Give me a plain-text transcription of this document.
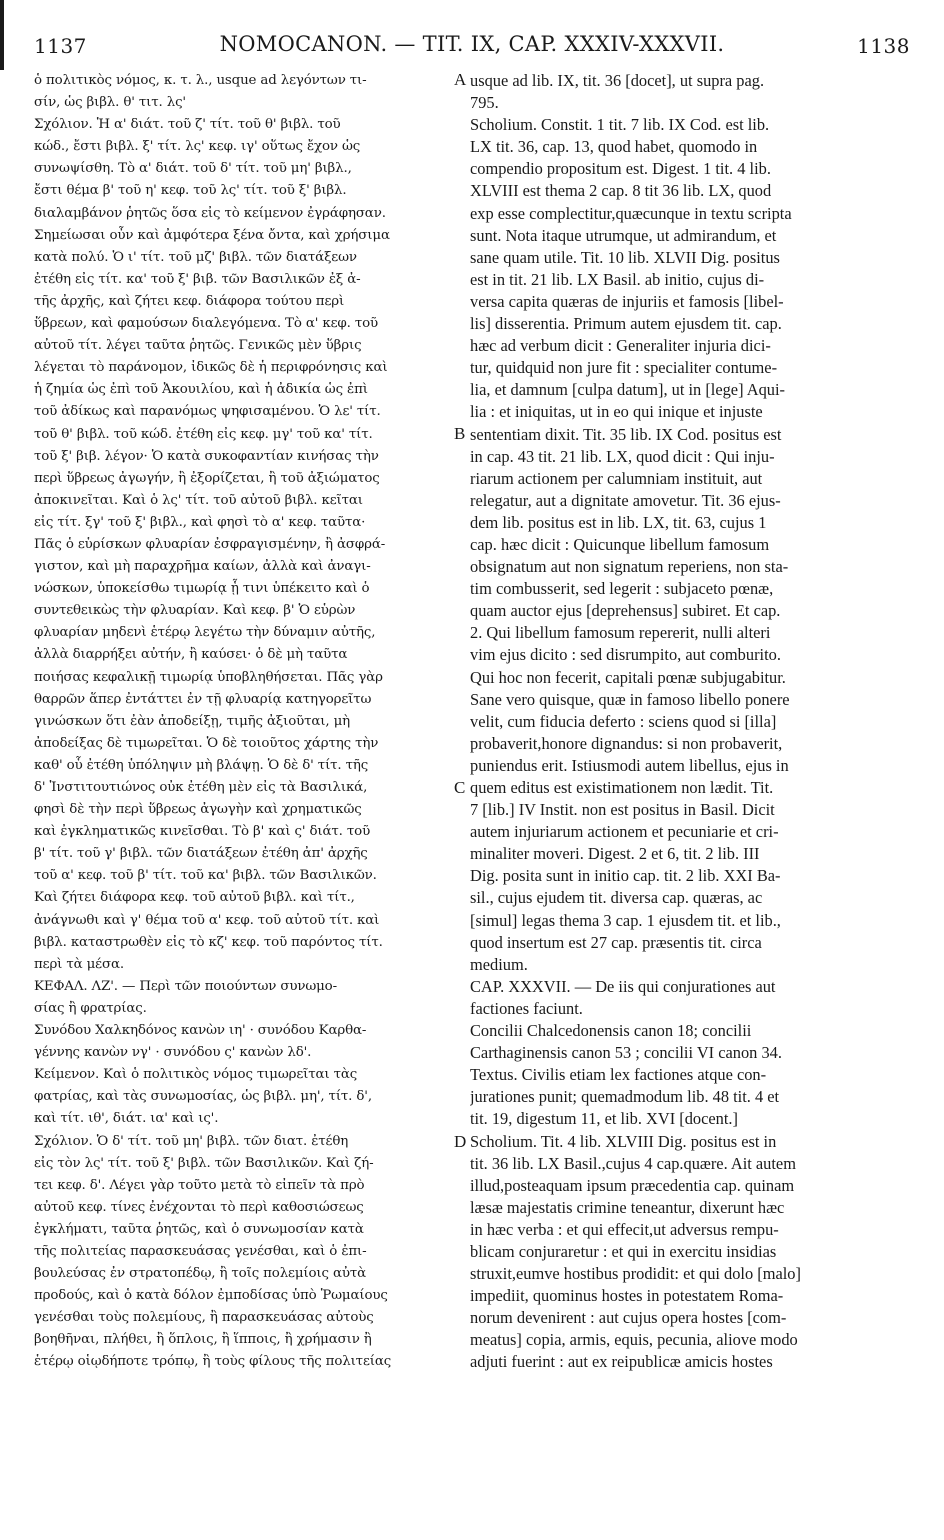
1137	NOMOCANON. — TIT. IX, CAP. XXXIV-XXXVII.	1138
ὁ πολιτικὸς νόμος, κ. τ. λ., usque ad λεγόντων τι-
σίν, ὡς βιβλ. θ' τιτ. λς'
Σχόλιον. Ἡ α' διάτ. τοῦ ζ' τίτ. τοῦ θ' βιβλ. τοῦ
κώδ., ἔστι βιβλ. ξ' τίτ. λς' κεφ. ιγ' οὕτως ἔχον ὡς
συνωψίσθη. Τὸ α' διάτ. τοῦ δ' τίτ. τοῦ μη' βιβλ.,
ἔστι θέμα β' τοῦ η' κεφ. τοῦ λς' τίτ. τοῦ ξ' βιβλ.
διαλαμβάνον ῥητῶς ὅσα εἰς τὸ κείμενον ἐγράφησαν.
Σημείωσαι οὖν καὶ ἀμφότερα ξένα ὄντα, καὶ χρήσιμα
κατὰ πολύ. Ὁ ι' τίτ. τοῦ μζ' βιβλ. τῶν διατάξεων
ἐτέθη εἰς τίτ. κα' τοῦ ξ' βιβ. τῶν Βασιλικῶν ἐξ ἀ-
τῆς ἀρχῆς, καὶ ζήτει κεφ. διάφορα τούτου περὶ
ὕβρεων, καὶ φαμούσων διαλεγόμενα. Τὸ α' κεφ. τοῦ
αὐτοῦ τίτ. λέγει ταῦτα ῥητῶς. Γενικῶς μὲν ὕβρις
λέγεται τὸ παράνομον, ἰδικῶς δὲ ἡ περιφρόνησις καὶ
ἡ ζημία ὡς ἐπὶ τοῦ Ἀκουιλίου, καὶ ἡ ἀδικία ὡς ἐπὶ
τοῦ ἀδίκως καὶ παρανόμως ψηφισαμένου. Ὁ λε' τίτ.
τοῦ θ' βιβλ. τοῦ κώδ. ἐτέθη εἰς κεφ. μγ' τοῦ κα' τίτ.
τοῦ ξ' βιβ. λέγον· Ὁ κατὰ συκοφαντίαν κινήσας τὴν
περὶ ὕβρεως ἀγωγήν, ἢ ἐξορίζεται, ἢ τοῦ ἀξιώματος
ἀποκινεῖται. Καὶ ὁ λς' τίτ. τοῦ αὐτοῦ βιβλ. κεῖται
εἰς τίτ. ξγ' τοῦ ξ' βιβλ., καὶ φησὶ τὸ α' κεφ. ταῦτα·
Πᾶς ὁ εὑρίσκων φλυαρίαν ἐσφραγισμένην, ἢ ἀσφρά-
γιστον, καὶ μὴ παραχρῆμα καίων, ἀλλὰ καὶ ἀναγι-
νώσκων, ὑποκείσθω τιμωρίᾳ ᾗ τινι ὑπέκειτο καὶ ὁ
συντεθεικὼς τὴν φλυαρίαν. Καὶ κεφ. β' Ὁ εὑρὼν
φλυαρίαν μηδενὶ ἑτέρῳ λεγέτω τὴν δύναμιν αὐτῆς,
ἀλλὰ διαρρήξει αὐτήν, ἢ καύσει· ὁ δὲ μὴ ταῦτα
ποιήσας κεφαλικῇ τιμωρίᾳ ὑποβληθήσεται. Πᾶς γὰρ
θαρρῶν ἅπερ ἐντάττει ἐν τῇ φλυαρίᾳ κατηγορεῖτω
γινώσκων ὅτι ἐὰν ἀποδείξῃ, τιμῆς ἀξιοῦται, μὴ
ἀποδείξας δὲ τιμωρεῖται. Ὁ δὲ τοιοῦτος χάρτης τὴν
καθ' οὗ ἐτέθη ὑπόληψιν μὴ βλάψῃ. Ὁ δὲ δ' τίτ. τῆς
δ' Ἰνστιτουτιώνος οὐκ ἐτέθη μὲν εἰς τὰ Βασιλικά,
φησὶ δὲ τὴν περὶ ὕβρεως ἀγωγὴν καὶ χρηματικῶς
καὶ ἐγκληματικῶς κινεῖσθαι. Τὸ β' καὶ ς' διάτ. τοῦ
β' τίτ. τοῦ γ' βιβλ. τῶν διατάξεων ἐτέθη ἀπ' ἀρχῆς
τοῦ α' κεφ. τοῦ β' τίτ. τοῦ κα' βιβλ. τῶν Βασιλικῶν.
Καὶ ζήτει διάφορα κεφ. τοῦ αὐτοῦ βιβλ. καὶ τίτ.,
ἀνάγνωθι καὶ γ' θέμα τοῦ α' κεφ. τοῦ αὐτοῦ τίτ. καὶ
βιβλ. καταστρωθὲν εἰς τὸ κζ' κεφ. τοῦ παρόντος τίτ.
περὶ τὰ μέσα.
ΚΕΦΑΛ. ΛΖ'. — Περὶ τῶν ποιούντων συνωμο-
σίας ἢ φρατρίας.
Συνόδου Χαλκηδόνος κανὼν ιη' · συνόδου Καρθα-
γέννης κανὼν νγ' · συνόδου ς' κανὼν λδ'.
Κείμενον. Καὶ ὁ πολιτικὸς νόμος τιμωρεῖται τὰς
φατρίας, καὶ τὰς συνωμοσίας, ὡς βιβλ. μη', τίτ. δ',
καὶ τίτ. ιθ', διάτ. ια' καὶ ις'.
Σχόλιον. Ὁ δ' τίτ. τοῦ μη' βιβλ. τῶν διατ. ἐτέθη
εἰς τὸν λς' τίτ. τοῦ ξ' βιβλ. τῶν Βασιλικῶν. Καὶ ζή-
τει κεφ. δ'. Λέγει γὰρ τοῦτο μετὰ τὸ εἰπεῖν τὰ πρὸ
αὐτοῦ κεφ. τίνες ἐνέχονται τὸ περὶ καθοσιώσεως
ἐγκλήματι, ταῦτα ῥητῶς, καὶ ὁ συνωμοσίαν κατὰ
τῆς πολιτείας παρασκευάσας γενέσθαι, καὶ ὁ ἐπι-
βουλεύσας ἐν στρατοπέδῳ, ἢ τοῖς πολεμίοις αὐτὰ
προδούς, καὶ ὁ κατὰ δόλον ἐμποδίσας ὑπὸ Ῥωμαίους
γενέσθαι τοὺς πολεμίους, ἢ παρασκευάσας αὐτοὺς
βοηθῆναι, πλήθει, ἢ ὅπλοις, ἢ ἵπποις, ἢ χρήμασιν ἢ
ἑτέρῳ οἱῳδήποτε τρόπῳ, ἢ τοὺς φίλους τῆς πολιτείας
A
B
C
D
usque ad lib. IX, tit. 36 [docet], ut supra pag.
795.
Scholium. Constit. 1 tit. 7 lib. IX Cod. est lib.
LX tit. 36, cap. 13, quod habet, quomodo in
compendio propositum est. Digest. 1 tit. 4 lib.
XLVIII est thema 2 cap. 8 tit 36 lib. LX, quod
exp esse complectitur,quæcunque in textu scripta
sunt. Nota itaque utrumque, ut admirandum, et
sane quam utile. Tit. 10 lib. XLVII Dig. positus
est in tit. 21 lib. LX Basil. ab initio, cujus di-
versa capita quæras de injuriis et famosis [libel-
lis] disserentia. Primum autem ejusdem tit. cap.
hæc ad verbum dicit : Generaliter injuria dici-
tur, quidquid non jure fit : specialiter contume-
lia, et damnum [culpa datum], ut in [lege] Aqui-
lia : et iniquitas, ut in eo qui inique et injuste
sententiam dixit. Tit. 35 lib. IX Cod. positus est
in cap. 43 tit. 21 lib. LX, quod dicit : Qui inju-
riarum actionem per calumniam instituit, aut
relegatur, aut a dignitate amovetur. Tit. 36 ejus-
dem lib. positus est in lib. LX, tit. 63, cujus 1
cap. hæc dicit : Quicunque libellum famosum
obsignatum aut non signatum reperiens, non sta-
tim combusserit, sed legerit : subjaceto pœnæ,
quam auctor ejus [deprehensus] subiret. Et cap.
2. Qui libellum famosum repererit, nulli alteri
vim ejus dicito : sed disrumpito, aut comburito.
Qui hoc non fecerit, capitali pœnæ subjugabitur.
Sane vero quisque, quæ in famoso libello ponere
velit, cum fiducia deferto : sciens quod si [illa]
probaverit,honore dignandus: si non probaverit,
puniendus erit. Istiusmodi autem libellus, ejus in
quem editus est existimationem non lædit. Tit.
7 [lib.] IV Instit. non est positus in Basil. Dicit
autem injuriarum actionem et pecuniarie et cri-
minaliter moveri. Digest. 2 et 6, tit. 2 lib. III
Dig. posita sunt in initio cap. tit. 2 lib. XXI Ba-
sil., cujus ejudem tit. diversa cap. quæras, ac
[simul] legas thema 3 cap. 1 ejusdem tit. et lib.,
quod insertum est 27 cap. præsentis tit. circa
medium.
CAP. XXXVII. — De iis qui conjurationes aut
factiones faciunt.
Concilii Chalcedonensis canon 18; concilii
Carthaginensis canon 53 ; concilii VI canon 34.
Textus. Civilis etiam lex factiones atque con-
jurationes punit; quemadmodum lib. 48 tit. 4 et
tit. 19, digestum 11, et lib. XVI [docent.]
Scholium. Tit. 4 lib. XLVIII Dig. positus est in
tit. 36 lib. LX Basil.,cujus 4 cap.quære. Ait autem
illud,posteaquam ipsum præcedentia cap. quinam
læsæ majestatis crimine teneantur, dixerunt hæc
in hæc verba : et qui effecit,ut adversus rempu-
blicam conjuraretur : et qui in exercitu insidias
struxit,eumve hostibus prodidit: et qui dolo [malo]
impediit, quominus hostes in potestatem Roma-
norum devenirent : aut cujus opera hostes [com-
meatus] copia, armis, equis, pecunia, aliove modo
adjuti fuerint : aut ex reipublicæ amicis hostes
